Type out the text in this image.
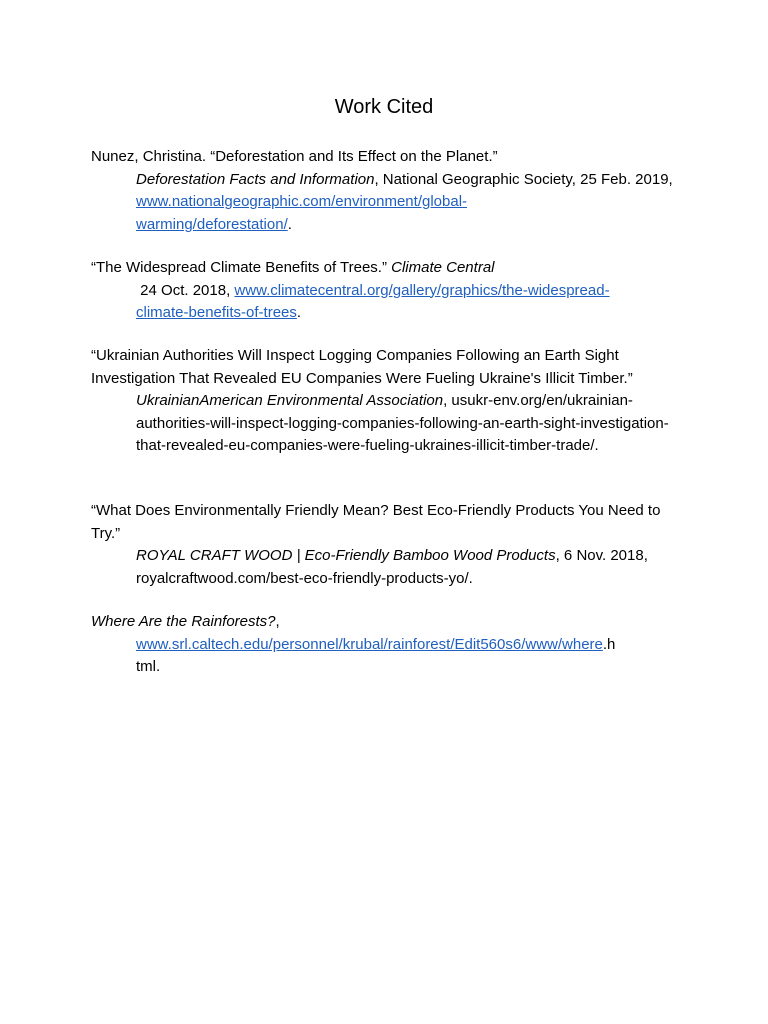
Work Cited

Nunez, Christina. “Deforestation and Its Effect on the Planet.”

Deforestation Facts and Information, National Geographic Society, 25 Feb. 2019, www.nationalgeographic.com/environment/global-
warming/deforestation/.

“The Widespread Climate Benefits of Trees.” Climate Central

24 Oct. 2018, www.climatecentral.org/gallery/graphics/the-widespread-
climate-benefits-of-trees.

“Ukrainian Authorities Will Inspect Logging Companies Following an Earth Sight Investigation That Revealed EU Companies Were Fueling Ukraine's Illicit Timber.”

UkrainianAmerican Environmental Association, usukr-env.org/en/ukrainian-authorities-will-inspect-logging-companies-following-an-earth-sight-investigation-that-revealed-eu-companies-were-fueling-ukraines-illicit-timber-trade/.

“What Does Environmentally Friendly Mean? Best Eco-Friendly Products You Need to Try.”

ROYAL CRAFT WOOD | Eco-Friendly Bamboo Wood Products, 6 Nov. 2018, royalcraftwood.com/best-eco-friendly-products-yo/.

Where Are the Rainforests?,

www.srl.caltech.edu/personnel/krubal/rainforest/Edit560s6/www/where.h
tml.
